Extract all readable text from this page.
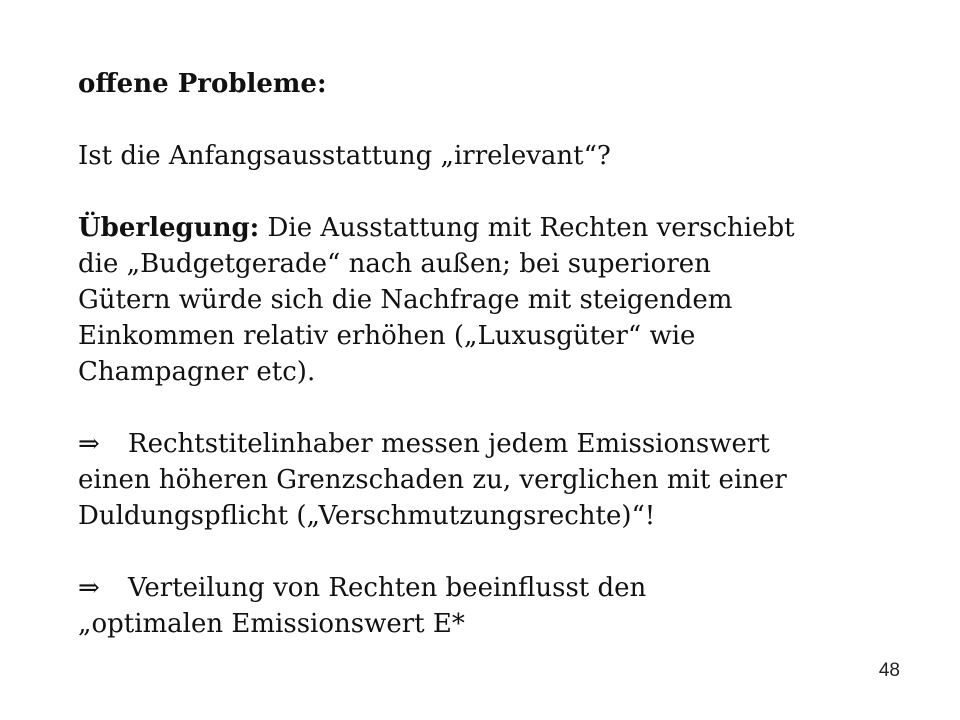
offene Probleme:
Ist die Anfangsausstattung „irrelevant“?
Überlegung: Die Ausstattung mit Rechten verschiebt
die „Budgetgerade“ nach außen; bei superioren
Gütern würde sich die Nachfrage mit steigendem
Einkommen relativ erhöhen („Luxusgüter“ wie
Champagner etc).
⇒ Rechtstitelinhaber messen jedem Emissionswert
einen höheren Grenzschaden zu, verglichen mit einer
Duldungspflicht („Verschmutzungsrechte)“!
⇒ Verteilung von Rechten beeinflusst den
„optimalen Emissionswert E*
48
